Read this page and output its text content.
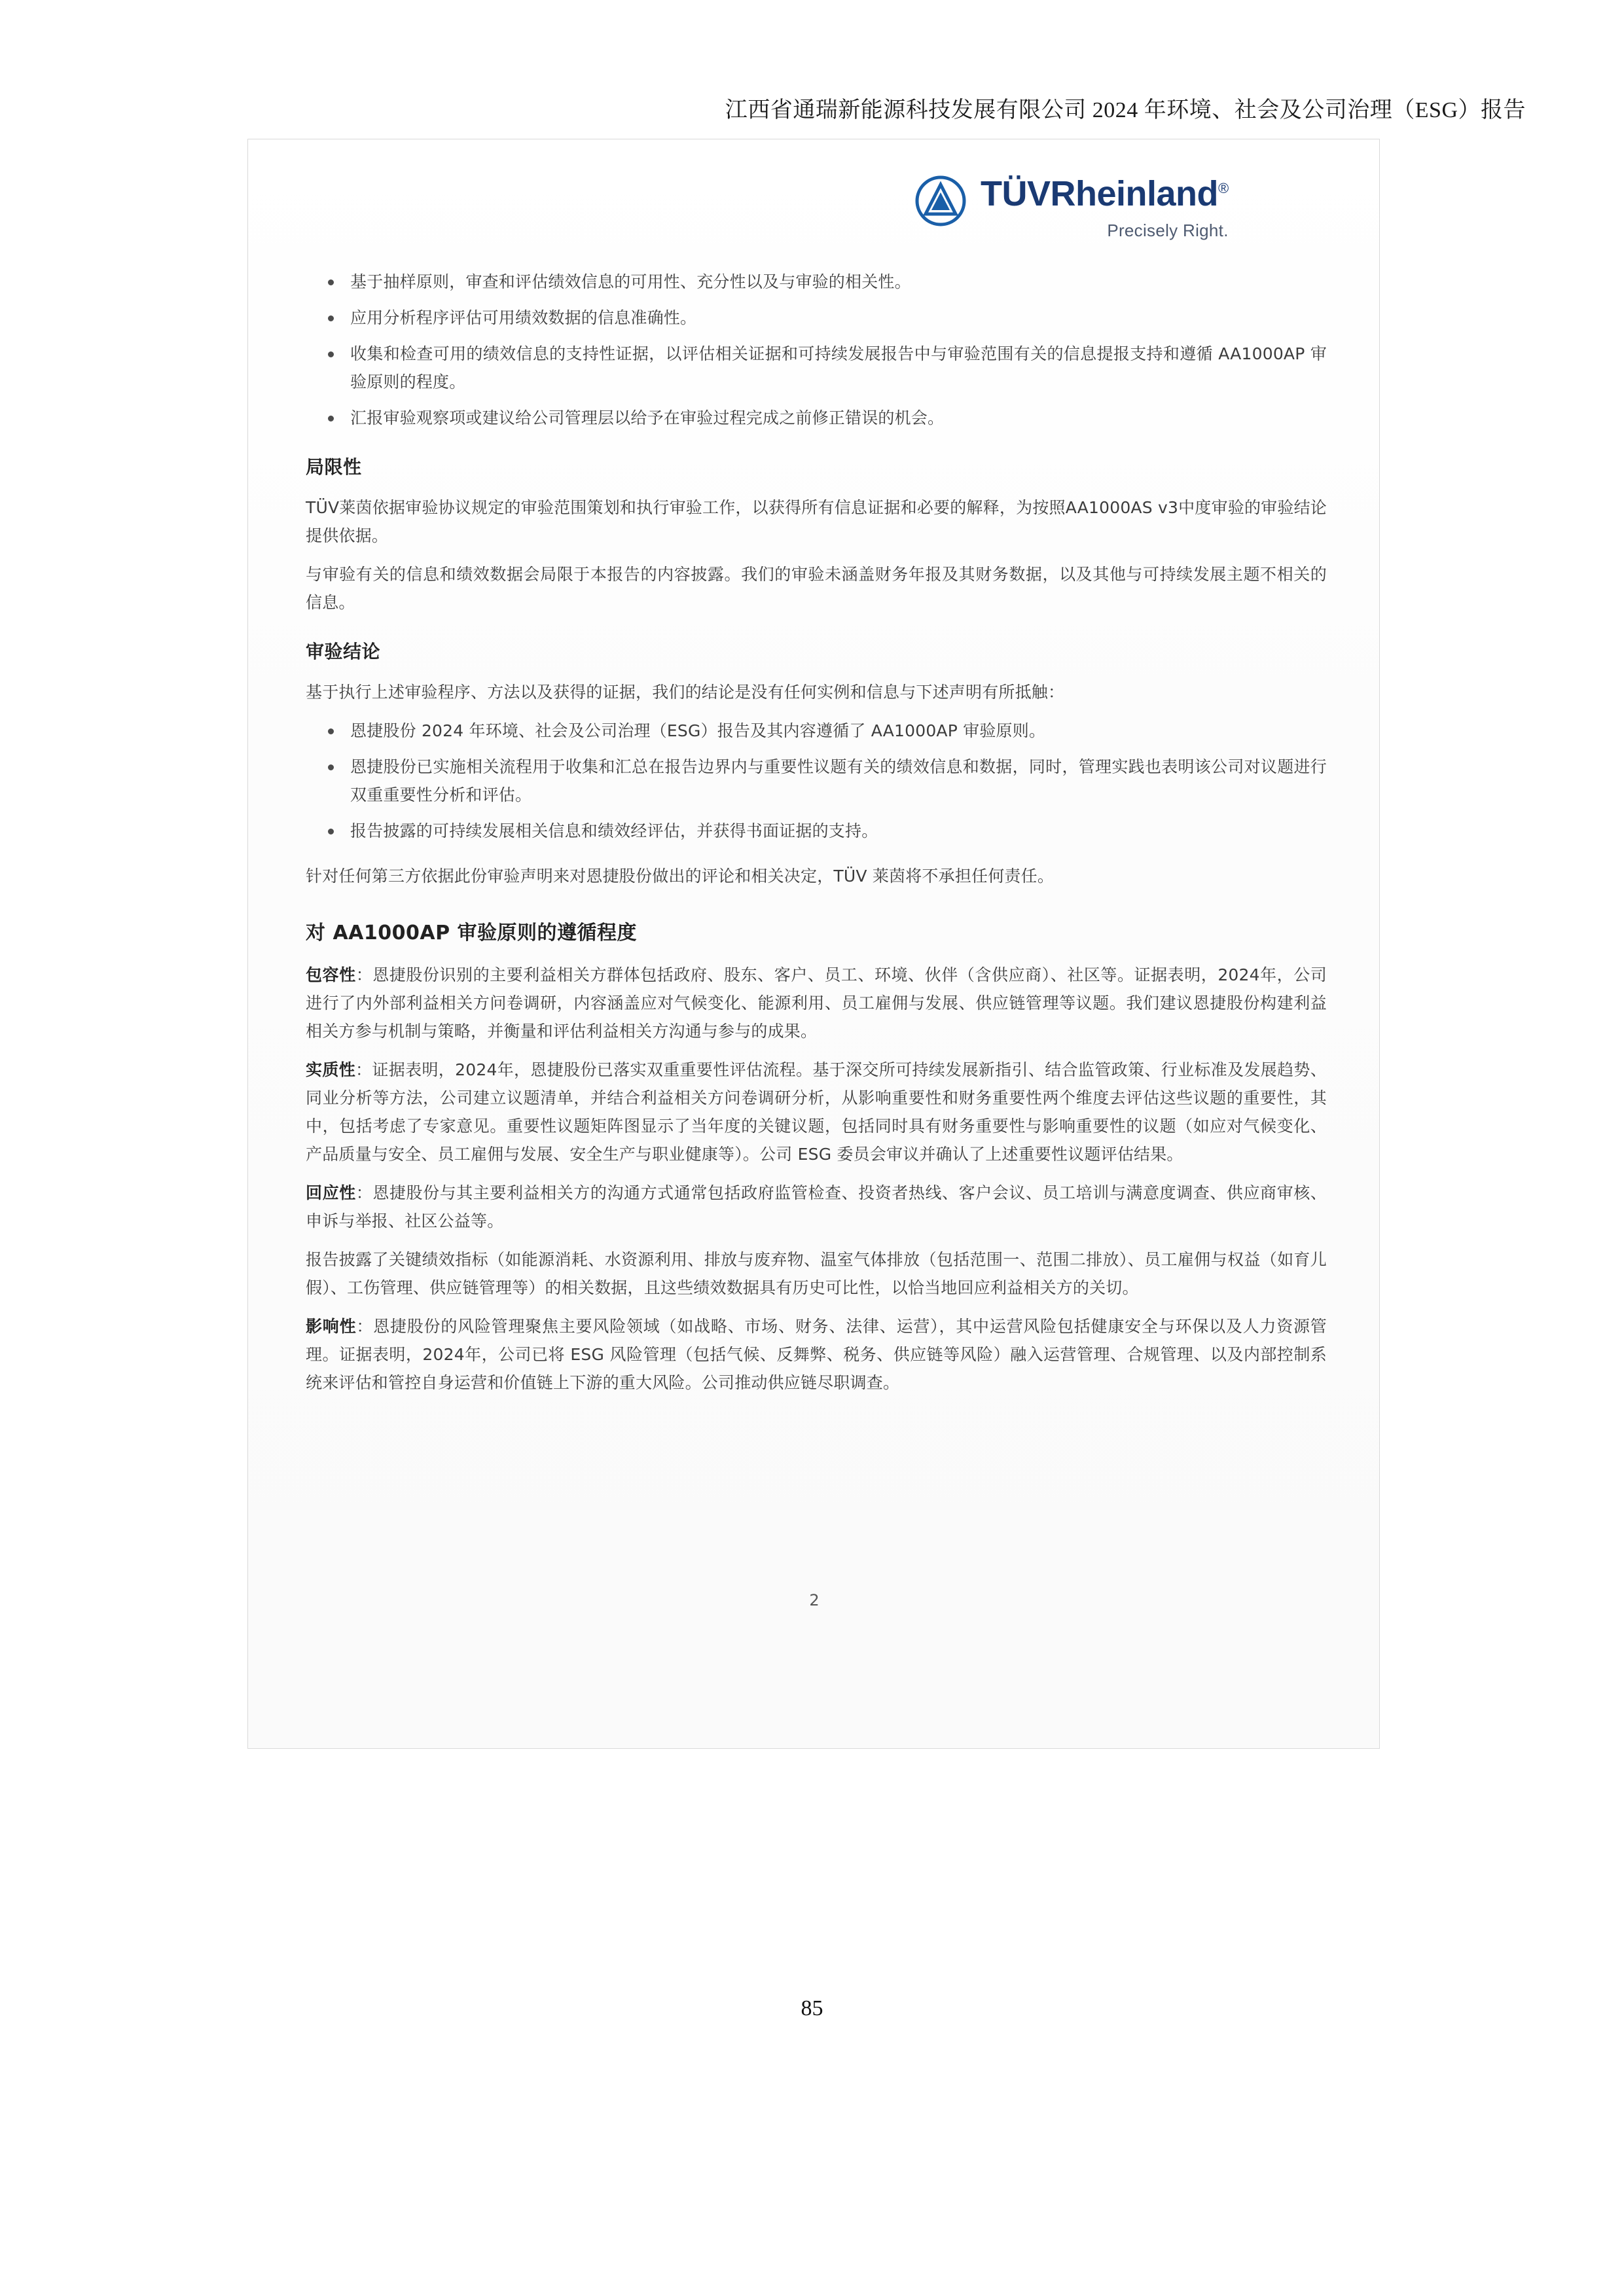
江西省通瑞新能源科技发展有限公司 2024 年环境、社会及公司治理（ESG）报告
TÜVRheinland®
Precisely Right.
基于抽样原则，审查和评估绩效信息的可用性、充分性以及与审验的相关性。
应用分析程序评估可用绩效数据的信息准确性。
收集和检查可用的绩效信息的支持性证据，以评估相关证据和可持续发展报告中与审验范围有关的信息提报支持和遵循 AA1000AP 审验原则的程度。
汇报审验观察项或建议给公司管理层以给予在审验过程完成之前修正错误的机会。
局限性

TÜV莱茵依据审验协议规定的审验范围策划和执行审验工作，以获得所有信息证据和必要的解释，为按照AA1000AS v3中度审验的审验结论提供依据。

与审验有关的信息和绩效数据会局限于本报告的内容披露。我们的审验未涵盖财务年报及其财务数据，以及其他与可持续发展主题不相关的信息。

审验结论

基于执行上述审验程序、方法以及获得的证据，我们的结论是没有任何实例和信息与下述声明有所抵触：

恩捷股份 2024 年环境、社会及公司治理（ESG）报告及其内容遵循了 AA1000AP 审验原则。
恩捷股份已实施相关流程用于收集和汇总在报告边界内与重要性议题有关的绩效信息和数据，同时，管理实践也表明该公司对议题进行双重重要性分析和评估。
报告披露的可持续发展相关信息和绩效经评估，并获得书面证据的支持。

针对任何第三方依据此份审验声明来对恩捷股份做出的评论和相关决定，TÜV 莱茵将不承担任何责任。

对 AA1000AP 审验原则的遵循程度

包容性：恩捷股份识别的主要利益相关方群体包括政府、股东、客户、员工、环境、伙伴（含供应商）、社区等。证据表明，2024年，公司进行了内外部利益相关方问卷调研，内容涵盖应对气候变化、能源利用、员工雇佣与发展、供应链管理等议题。我们建议恩捷股份构建利益相关方参与机制与策略，并衡量和评估利益相关方沟通与参与的成果。

实质性：证据表明，2024年，恩捷股份已落实双重重要性评估流程。基于深交所可持续发展新指引、结合监管政策、行业标准及发展趋势、同业分析等方法，公司建立议题清单，并结合利益相关方问卷调研分析，从影响重要性和财务重要性两个维度去评估这些议题的重要性，其中，包括考虑了专家意见。重要性议题矩阵图显示了当年度的关键议题，包括同时具有财务重要性与影响重要性的议题（如应对气候变化、产品质量与安全、员工雇佣与发展、安全生产与职业健康等）。公司 ESG 委员会审议并确认了上述重要性议题评估结果。

回应性：恩捷股份与其主要利益相关方的沟通方式通常包括政府监管检查、投资者热线、客户会议、员工培训与满意度调查、供应商审核、申诉与举报、社区公益等。

报告披露了关键绩效指标（如能源消耗、水资源利用、排放与废弃物、温室气体排放（包括范围一、范围二排放）、员工雇佣与权益（如育儿假）、工伤管理、供应链管理等）的相关数据，且这些绩效数据具有历史可比性，以恰当地回应利益相关方的关切。

影响性：恩捷股份的风险管理聚焦主要风险领域（如战略、市场、财务、法律、运营），其中运营风险包括健康安全与环保以及人力资源管理。证据表明，2024年，公司已将 ESG 风险管理（包括气候、反舞弊、税务、供应链等风险）融入运营管理、合规管理、以及内部控制系统来评估和管控自身运营和价值链上下游的重大风险。公司推动供应链尽职调查。

2
85
